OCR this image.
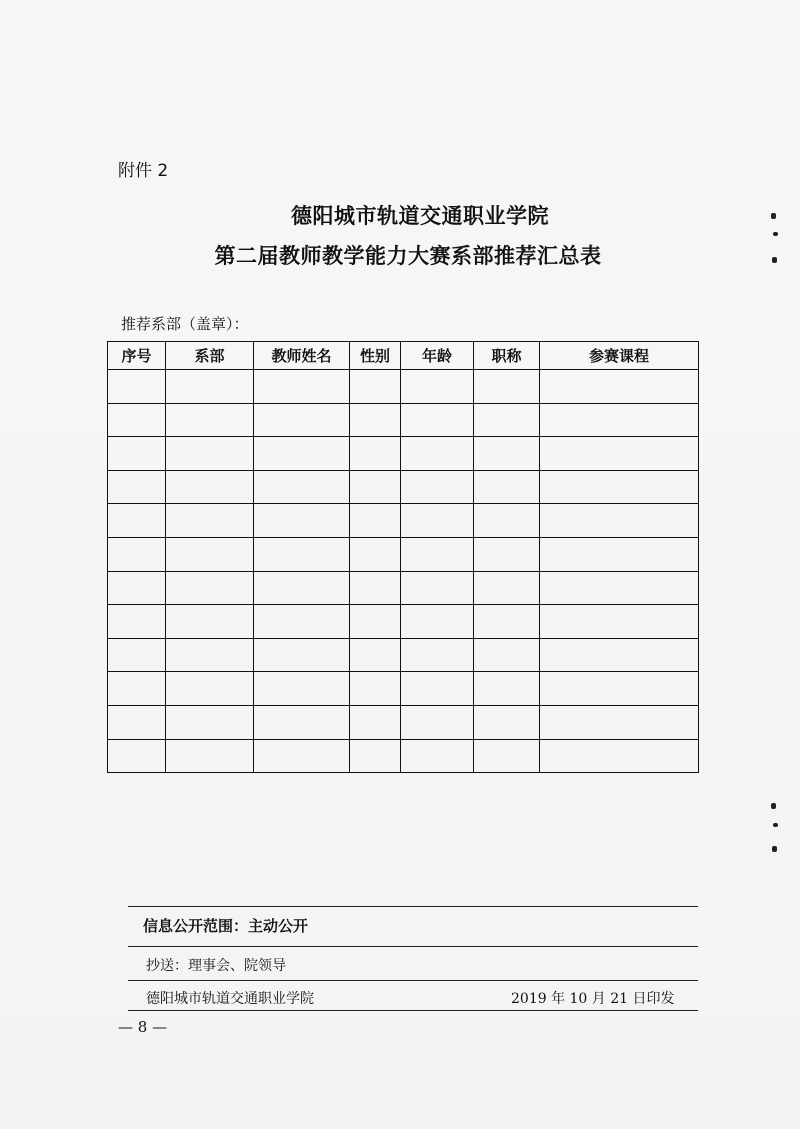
附件 2
德阳城市轨道交通职业学院
第二届教师教学能力大赛系部推荐汇总表
推荐系部（盖章）：
序号	系部	教师姓名	性别	年龄	职称	参赛课程

信息公开范围：主动公开
抄送：理事会、院领导
德阳城市轨道交通职业学院	2019 年 10 月 21 日印发
— 8 —
